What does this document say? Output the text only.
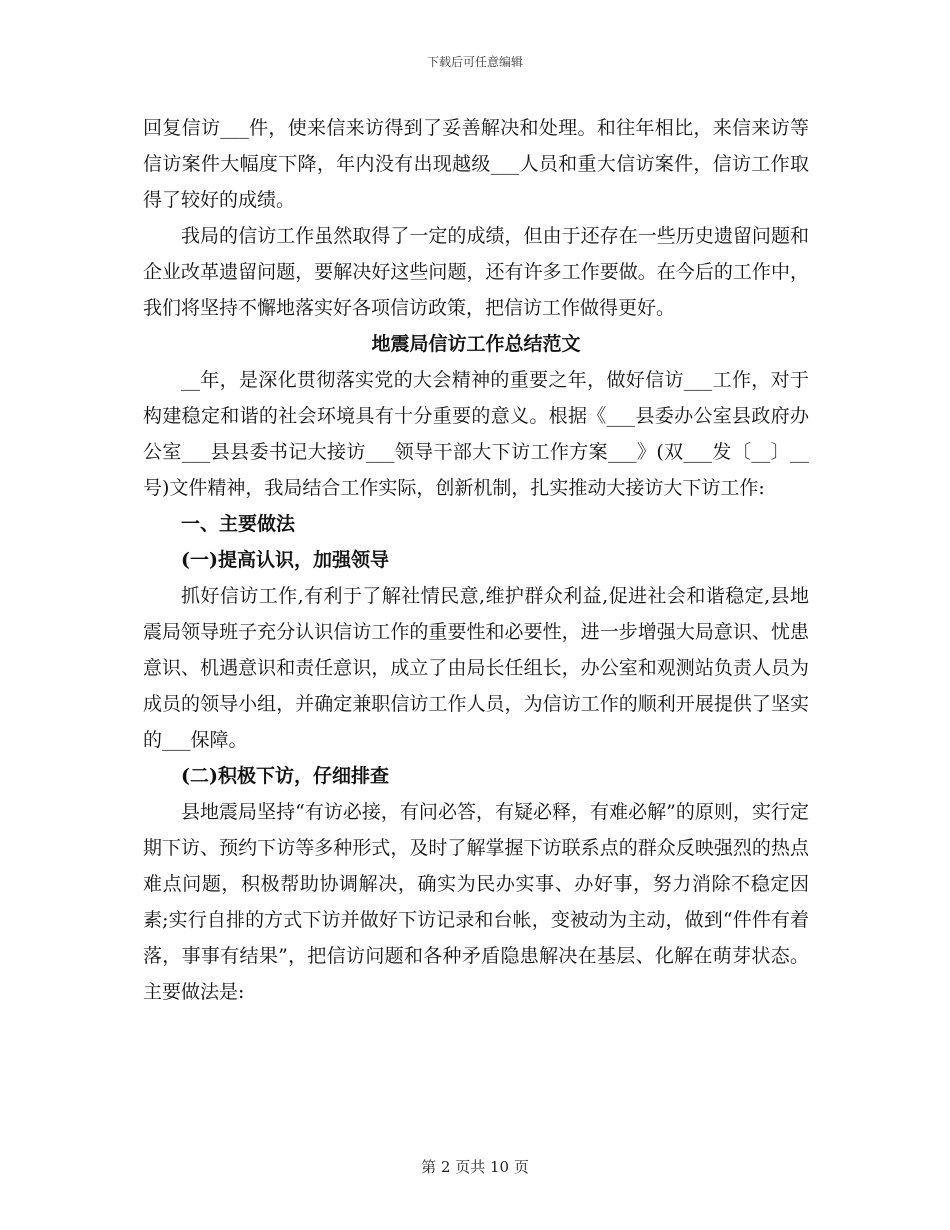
下载后可任意编辑

回复信访___件，使来信来访得到了妥善解决和处理。和往年相比，来信来访等信访案件大幅度下降，年内没有出现越级___人员和重大信访案件，信访工作取得了较好的成绩。

我局的信访工作虽然取得了一定的成绩，但由于还存在一些历史遗留问题和企业改革遗留问题，要解决好这些问题，还有许多工作要做。在今后的工作中，我们将坚持不懈地落实好各项信访政策，把信访工作做得更好。

地震局信访工作总结范文

__年，是深化贯彻落实党的大会精神的重要之年，做好信访___工作，对于构建稳定和谐的社会环境具有十分重要的意义。根据《___县委办公室县政府办公室___县县委书记大接访___领导干部大下访工作方案___》(双___发〔__〕__号)文件精神，我局结合工作实际，创新机制，扎实推动大接访大下访工作:

一、主要做法

(一)提高认识，加强领导

抓好信访工作,有利于了解社情民意,维护群众利益,促进社会和谐稳定,县地震局领导班子充分认识信访工作的重要性和必要性，进一步增强大局意识、忧患意识、机遇意识和责任意识，成立了由局长任组长，办公室和观测站负责人员为成员的领导小组，并确定兼职信访工作人员，为信访工作的顺利开展提供了坚实的___保障。

(二)积极下访，仔细排查

县地震局坚持“有访必接，有问必答，有疑必释，有难必解”的原则，实行定期下访、预约下访等多种形式，及时了解掌握下访联系点的群众反映强烈的热点难点问题，积极帮助协调解决，确实为民办实事、办好事，努力消除不稳定因素;实行自排的方式下访并做好下访记录和台帐，变被动为主动，做到“件件有着落，事事有结果”，把信访问题和各种矛盾隐患解决在基层、化解在萌芽状态。主要做法是:

第 2 页共 10 页
